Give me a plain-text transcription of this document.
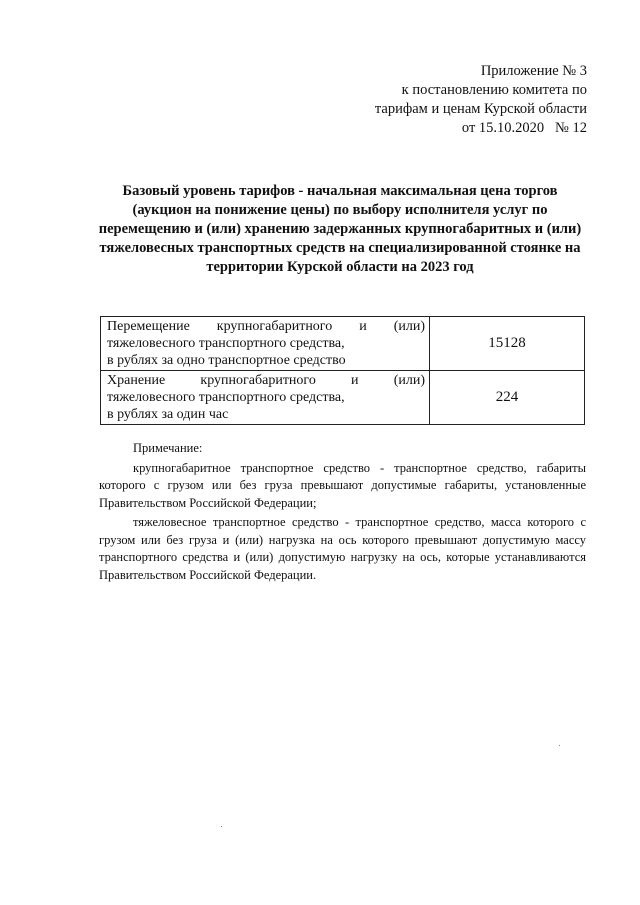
Приложение № 3
к постановлению комитета по
тарифам и ценам Курской области
от 15.10.2020   № 12
Базовый уровень тарифов - начальная максимальная цена торгов (аукцион на понижение цены) по выбору исполнителя услуг по перемещению и (или) хранению задержанных крупногабаритных и (или) тяжеловесных транспортных средств на специализированной стоянке на территории Курской области на 2023 год
Перемещение крупногабаритного и (или)
тяжеловесного транспортного средства,
в рублях за одно транспортное средство	15128

Хранение крупногабаритного и (или)
тяжеловесного транспортного средства,
в рублях за один час	224
Примечание:

крупногабаритное транспортное средство - транспортное средство, габариты которого с грузом или без груза превышают допустимые габариты, установленные Правительством Российской Федерации;

тяжеловесное транспортное средство - транспортное средство, масса которого с грузом или без груза и (или) нагрузка на ось которого превышают допустимую массу транспортного средства и (или) допустимую нагрузку на ось, которые устанавливаются Правительством Российской Федерации.
